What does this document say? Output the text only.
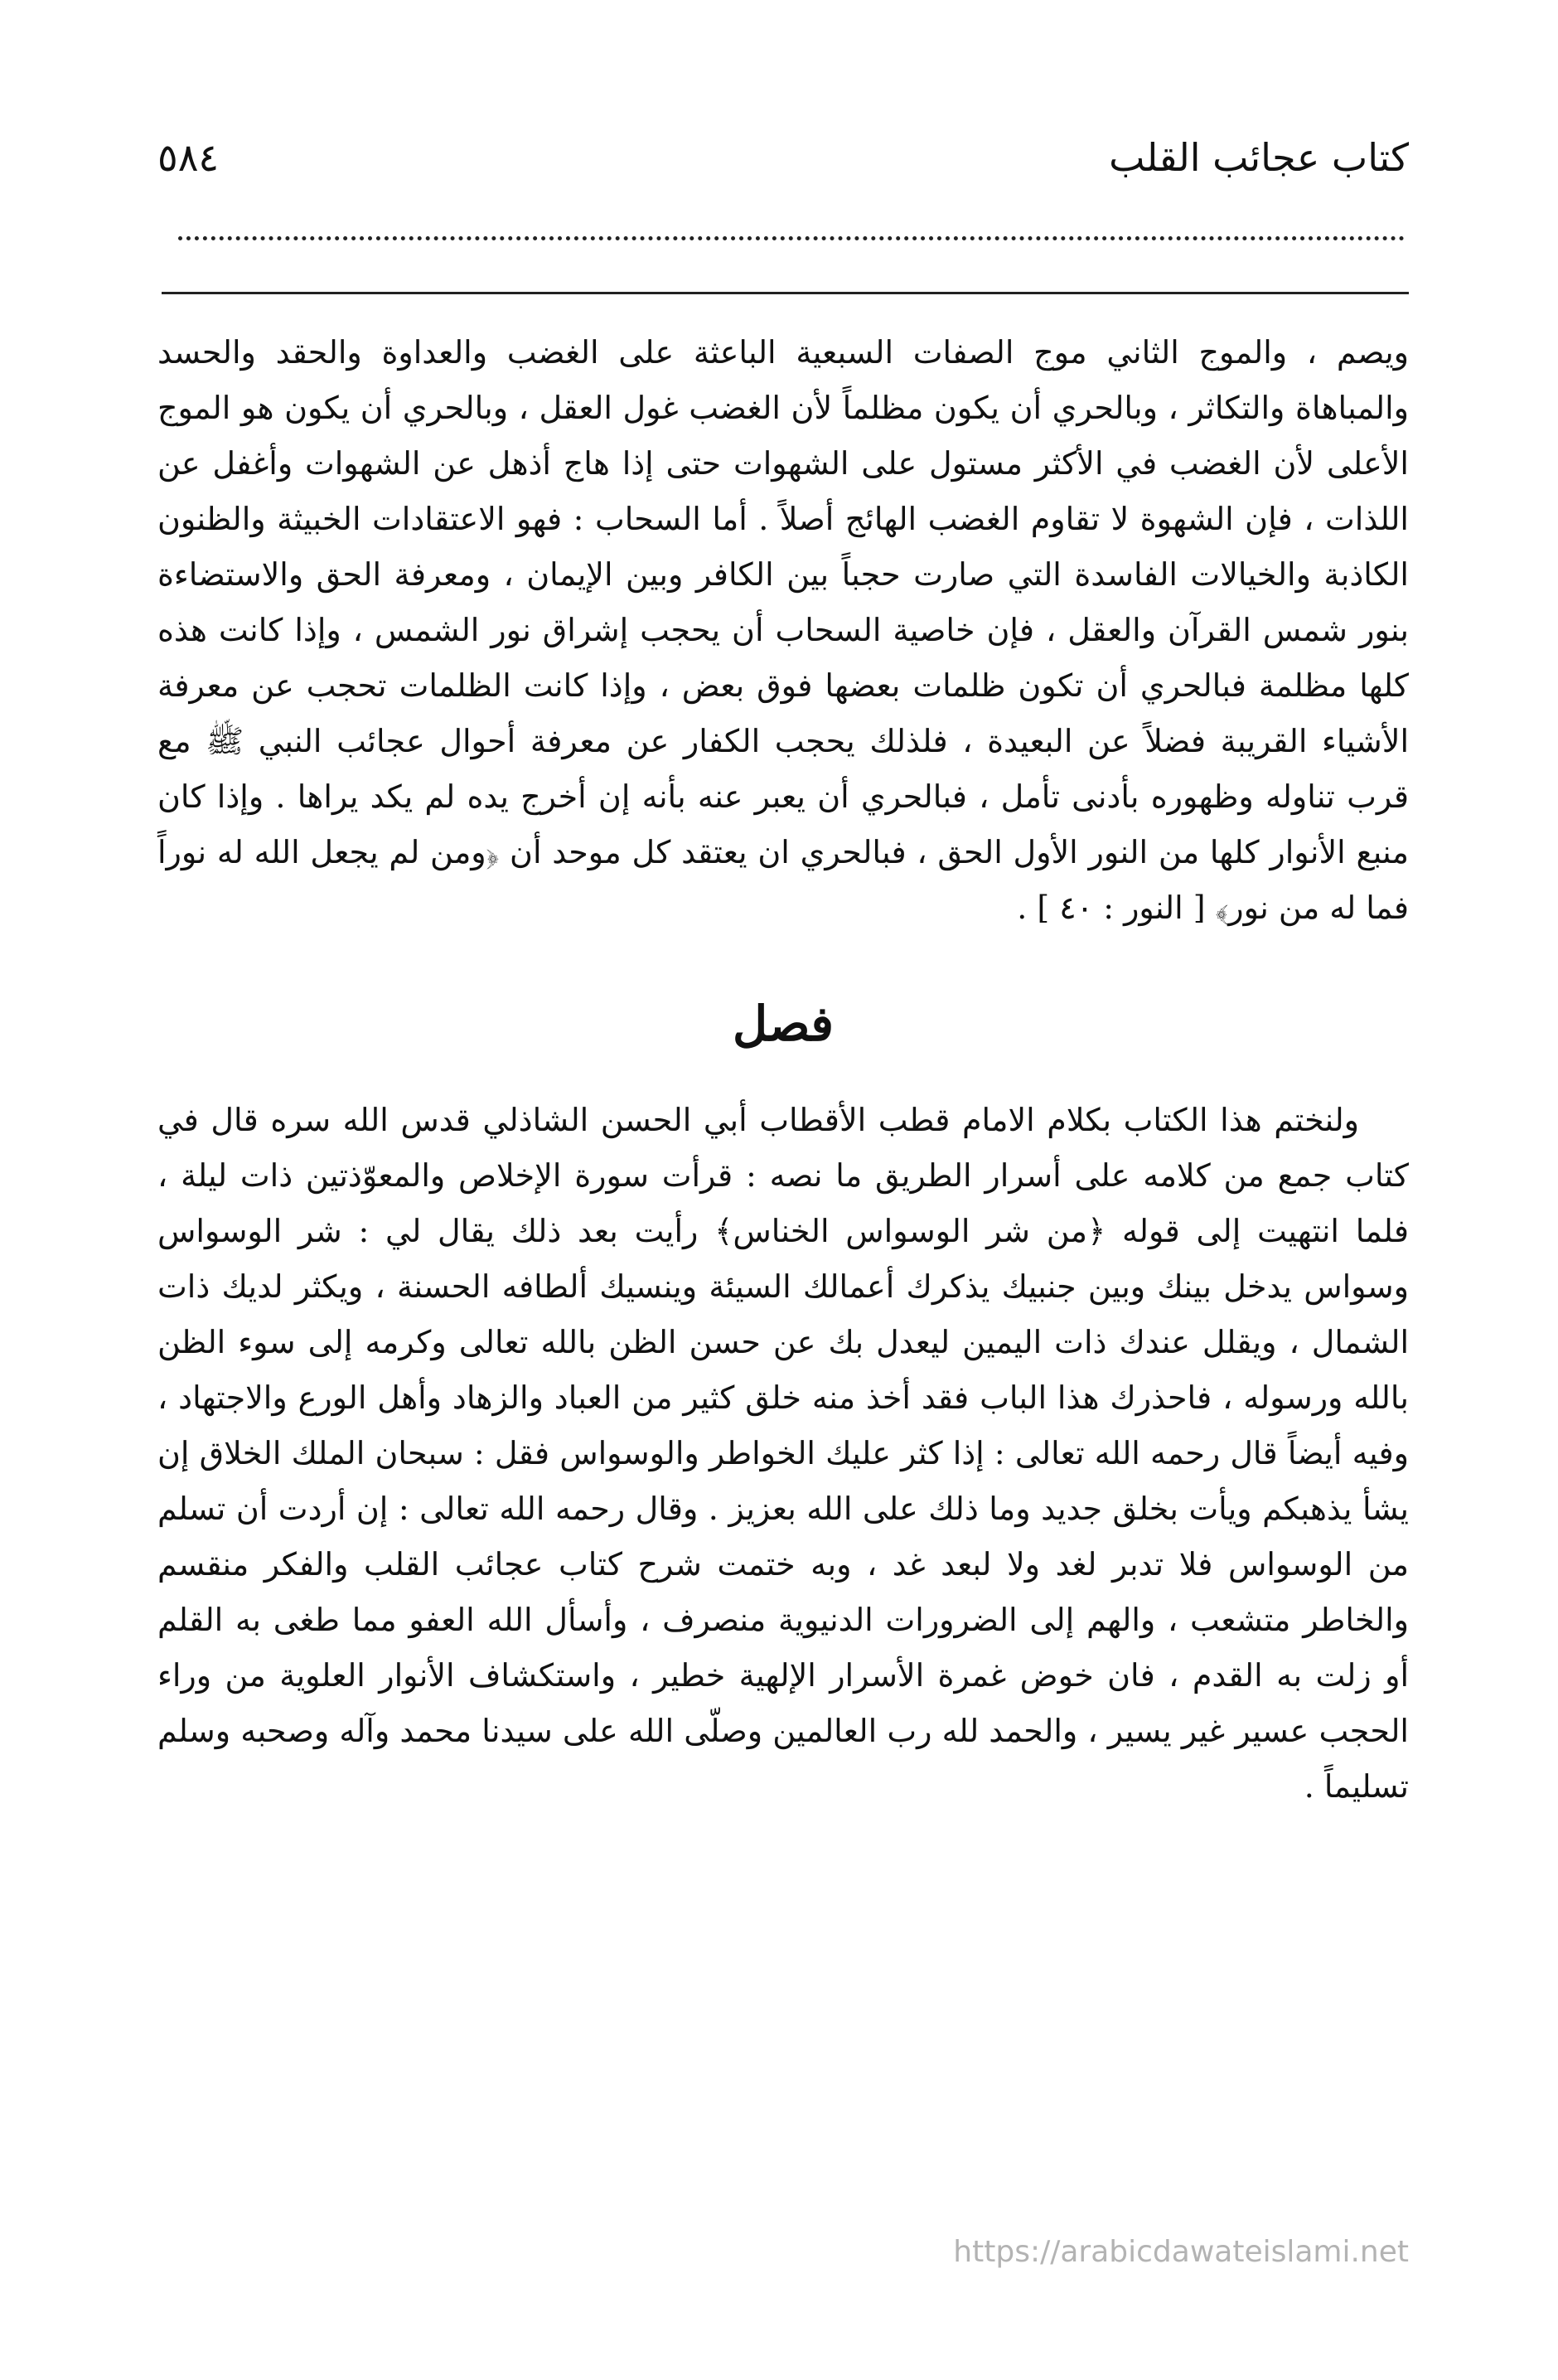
كتاب عجائب القلب
٥٨٤

ويصم ، والموج الثاني موج الصفات السبعية الباعثة على الغضب والعداوة والحقد والحسد والمباهاة والتكاثر ، وبالحري أن يكون مظلماً لأن الغضب غول العقل ، وبالحري أن يكون هو الموج الأعلى لأن الغضب في الأكثر مستول على الشهوات حتى إذا هاج أذهل عن الشهوات وأغفل عن اللذات ، فإن الشهوة لا تقاوم الغضب الهائج أصلاً . أما السحاب : فهو الاعتقادات الخبيثة والظنون الكاذبة والخيالات الفاسدة التي صارت حجباً بين الكافر وبين الإيمان ، ومعرفة الحق والاستضاءة بنور شمس القرآن والعقل ، فإن خاصية السحاب أن يحجب إشراق نور الشمس ، وإذا كانت هذه كلها مظلمة فبالحري أن تكون ظلمات بعضها فوق بعض ، وإذا كانت الظلمات تحجب عن معرفة الأشياء القريبة فضلاً عن البعيدة ، فلذلك يحجب الكفار عن معرفة أحوال عجائب النبي ﷺ مع قرب تناوله وظهوره بأدنى تأمل ، فبالحري أن يعبر عنه بأنه إن أخرج يده لم يكد يراها . وإذا كان منبع الأنوار كلها من النور الأول الحق ، فبالحري ان يعتقد كل موحد أن ﴿ومن لم يجعل الله له نوراً فما له من نور﴾ [ النور : ٤٠ ] .

فصل

ولنختم هذا الكتاب بكلام الامام قطب الأقطاب أبي الحسن الشاذلي قدس الله سره قال في كتاب جمع من كلامه على أسرار الطريق ما نصه : قرأت سورة الإخلاص والمعوّذتين ذات ليلة ، فلما انتهيت إلى قوله ﴿من شر الوسواس الخناس﴾ رأيت بعد ذلك يقال لي : شر الوسواس وسواس يدخل بينك وبين جنبيك يذكرك أعمالك السيئة وينسيك ألطافه الحسنة ، ويكثر لديك ذات الشمال ، ويقلل عندك ذات اليمين ليعدل بك عن حسن الظن بالله تعالى وكرمه إلى سوء الظن بالله ورسوله ، فاحذرك هذا الباب فقد أخذ منه خلق كثير من العباد والزهاد وأهل الورع والاجتهاد ، وفيه أيضاً قال رحمه الله تعالى : إذا كثر عليك الخواطر والوسواس فقل : سبحان الملك الخلاق إن يشأ يذهبكم ويأت بخلق جديد وما ذلك على الله بعزيز . وقال رحمه الله تعالى : إن أردت أن تسلم من الوسواس فلا تدبر لغد ولا لبعد غد ، وبه ختمت شرح كتاب عجائب القلب والفكر منقسم والخاطر متشعب ، والهم إلى الضرورات الدنيوية منصرف ، وأسأل الله العفو مما طغى به القلم أو زلت به القدم ، فان خوض غمرة الأسرار الإلهية خطير ، واستكشاف الأنوار العلوية من وراء الحجب عسير غير يسير ، والحمد لله رب العالمين وصلّى الله على سيدنا محمد وآله وصحبه وسلم تسليماً .

https://arabicdawateislami.net
